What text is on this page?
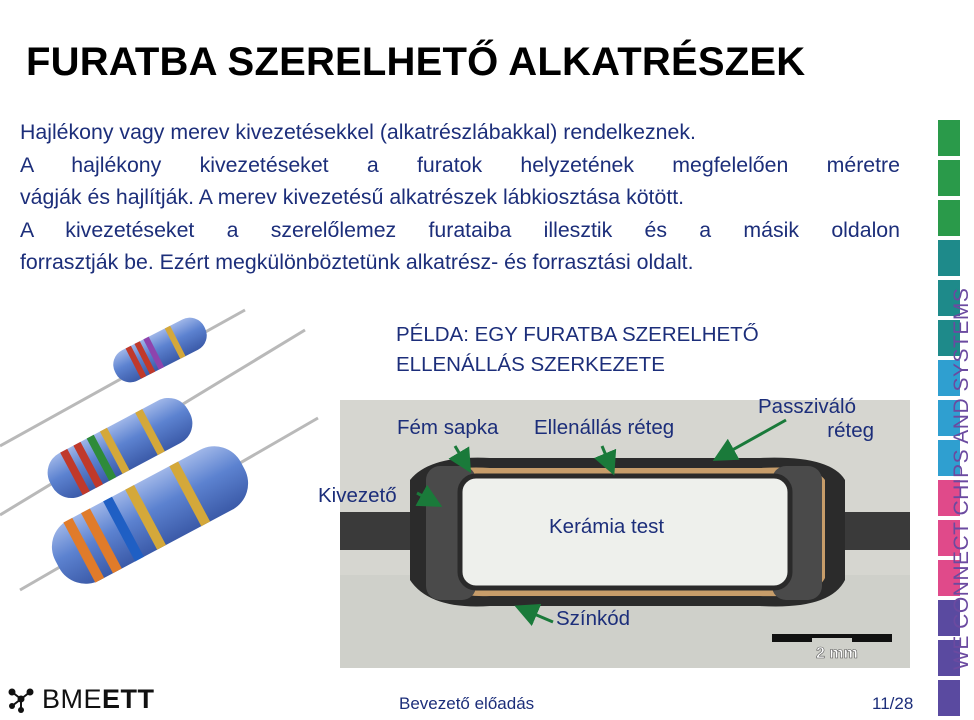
FURATBA SZERELHETŐ ALKATRÉSZEK
Hajlékony vagy merev kivezetésekkel (alkatrészlábakkal) rendelkeznek.
A hajlékony kivezetéseket a furatok helyzetének megfelelően méretre
vágják és hajlítják. A merev kivezetésű alkatrészek lábkiosztása kötött.
A kivezetéseket a szerelőlemez furataiba illesztik és a másik oldalon
forrasztják be. Ezért megkülönböztetünk alkatrész- és forrasztási oldalt.
PÉLDA: EGY FURATBA SZERELHETŐ
ELLENÁLLÁS SZERKEZETE
Fém sapka Ellenállás réteg
Passziváló
réteg
Kivezető
Kerámia test
Színkód
2 mm	WE CONNECT CHIPS AND SYSTEMS
BMEETT	Bevezető előadás	11/28
